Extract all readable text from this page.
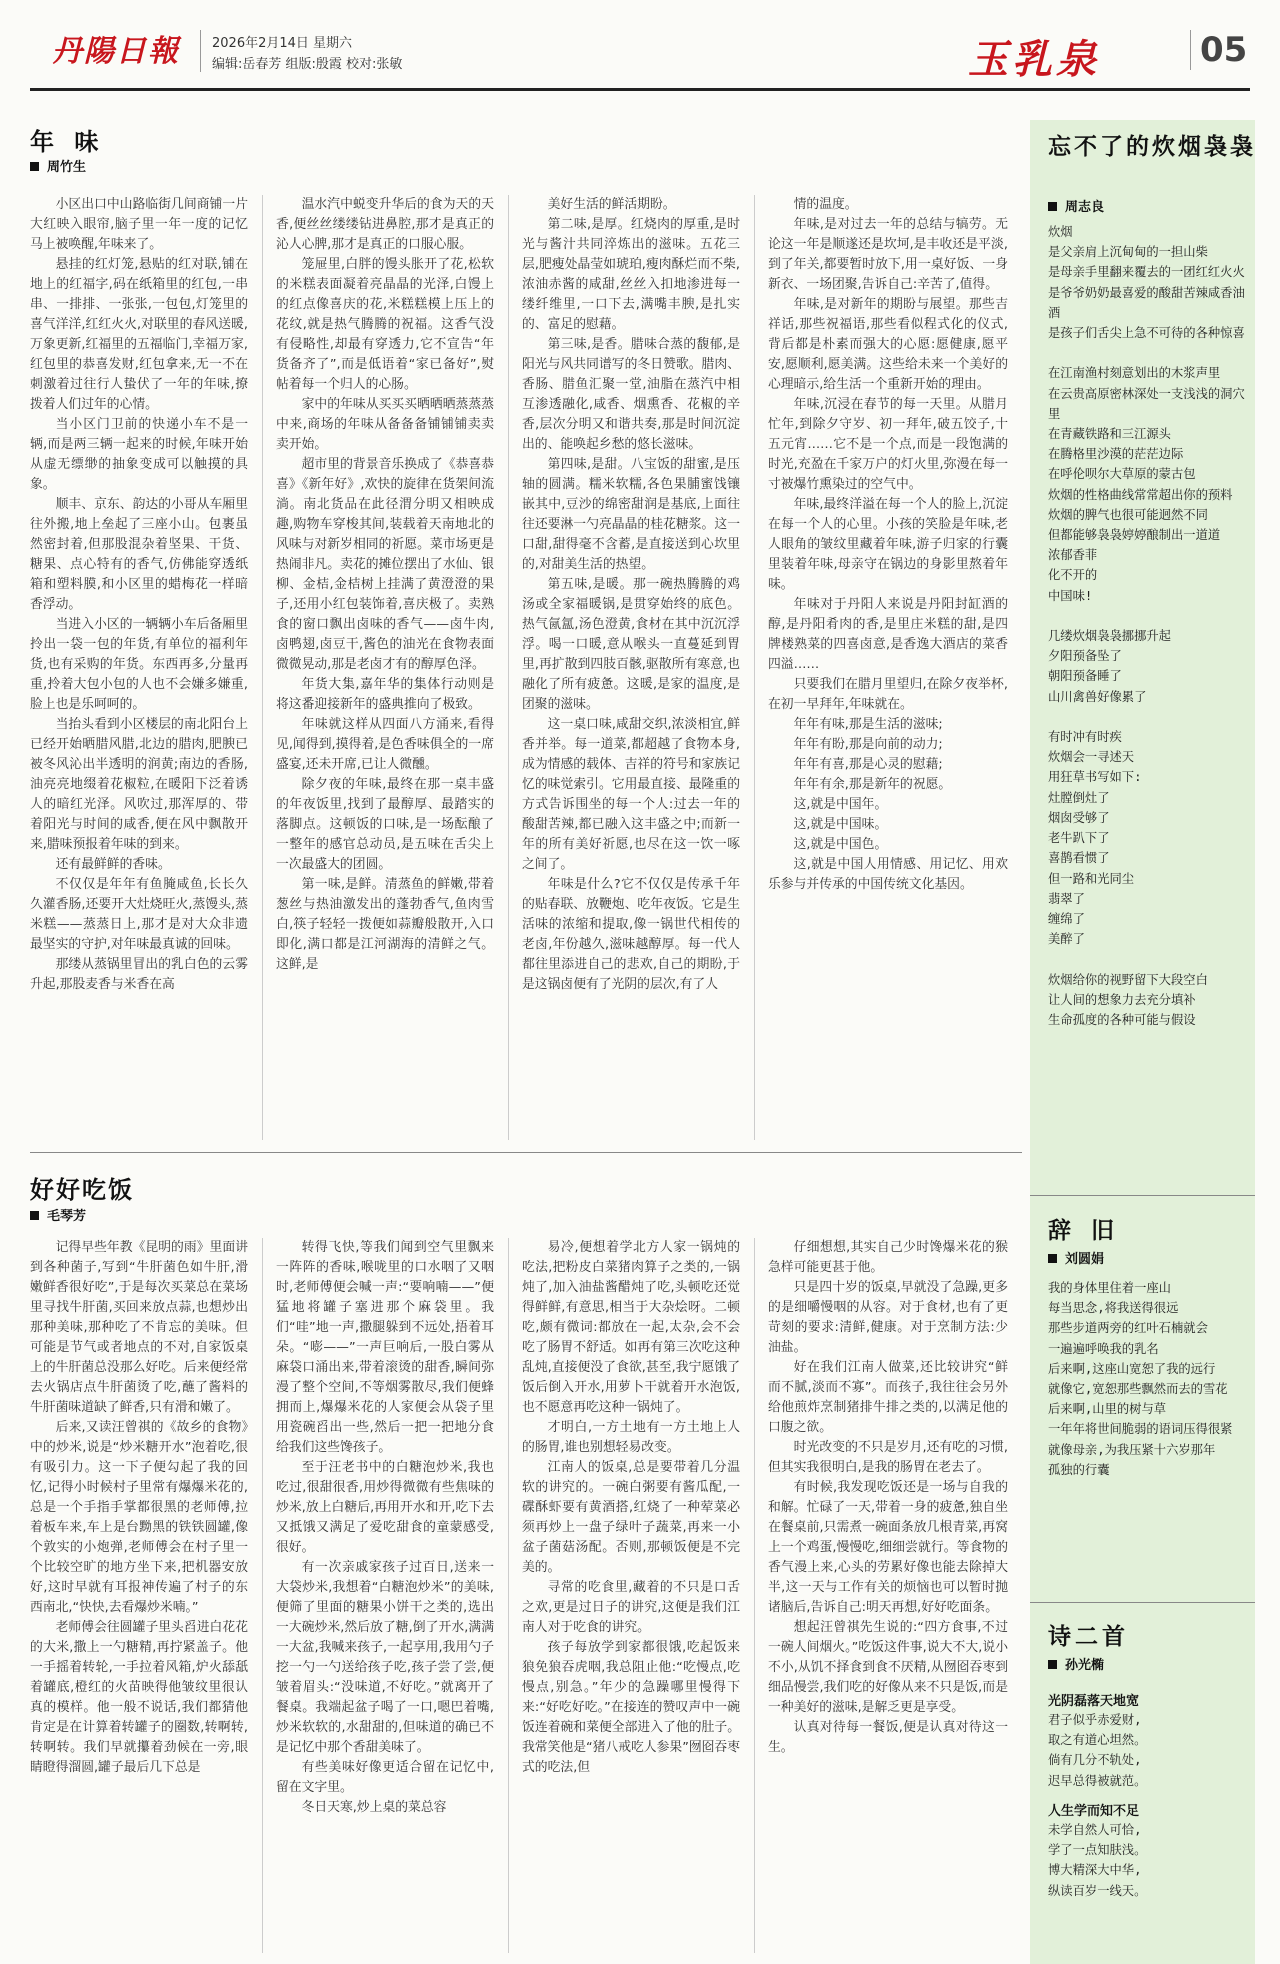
丹陽日報 2026年2月14日 星期六
编辑:岳春芳 组版:殷霞 校对:张敏	玉乳泉	05
年 味
周竹生

小区出口中山路临街几间商铺一片大红映入眼帘,脑子里一年一度的记忆马上被唤醒,年味来了。

悬挂的红灯笼,悬贴的红对联,铺在地上的红福字,码在纸箱里的红包,一串串、一排排、一张张,一包包,灯笼里的喜气洋洋,红红火火,对联里的春风送暖,万象更新,红福里的五福临门,幸福万家,红包里的恭喜发财,红包拿来,无一不在刺激着过往行人蛰伏了一年的年味,撩拨着人们过年的心情。

当小区门卫前的快递小车不是一辆,而是两三辆一起来的时候,年味开始从虚无缥缈的抽象变成可以触摸的具象。

顺丰、京东、韵达的小哥从车厢里往外搬,地上垒起了三座小山。包裹虽然密封着,但那股混杂着坚果、干货、糖果、点心特有的香气,仿佛能穿透纸箱和塑料膜,和小区里的蜡梅花一样暗香浮动。

当进入小区的一辆辆小车后备厢里拎出一袋一包的年货,有单位的福利年货,也有采购的年货。东西再多,分量再重,拎着大包小包的人也不会嫌多嫌重,脸上也是乐呵呵的。

当抬头看到小区楼层的南北阳台上已经开始晒腊风腊,北边的腊肉,肥腴已被冬风沁出半透明的润黄;南边的香肠,油亮亮地缀着花椒粒,在暖阳下泛着诱人的暗红光泽。风吹过,那浑厚的、带着阳光与时间的咸香,便在风中飘散开来,腊味预报着年味的到来。

还有最鲜鲜的香味。

不仅仅是年年有鱼腌咸鱼,长长久久灌香肠,还要开大灶烧旺火,蒸馒头,蒸米糕——蒸蒸日上,那才是对大众非遗最坚实的守护,对年味最真诚的回味。

那缕从蒸锅里冒出的乳白色的云雾升起,那股麦香与米香在高

温水汽中蜕变升华后的食为天的天香,便丝丝缕缕钻进鼻腔,那才是真正的沁人心脾,那才是真正的口服心服。

笼屉里,白胖的馒头胀开了花,松软的米糕表面凝着亮晶晶的光泽,白馒上的红点像喜庆的花,米糕糕模上压上的花纹,就是热气腾腾的祝福。这香气没有侵略性,却最有穿透力,它不宣告“年货备齐了”,而是低语着“家已备好”,熨帖着每一个归人的心肠。

家中的年味从买买买晒晒晒蒸蒸蒸中来,商场的年味从备备备铺铺铺卖卖卖开始。

超市里的背景音乐换成了《恭喜恭喜》《新年好》,欢快的旋律在货架间流淌。南北货品在此径渭分明又相映成趣,购物车穿梭其间,装载着天南地北的风味与对新岁相同的祈愿。菜市场更是热闹非凡。卖花的摊位摆出了水仙、银柳、金桔,金桔树上挂满了黄澄澄的果子,还用小红包装饰着,喜庆极了。卖熟食的窗口飘出卤味的香气——卤牛肉,卤鸭翅,卤豆干,酱色的油光在食物表面微微晃动,那是老卤才有的醇厚色泽。

年货大集,嘉年华的集体行动则是将这番迎接新年的盛典推向了极致。

年味就这样从四面八方涌来,看得见,闻得到,摸得着,是色香味俱全的一席盛宴,还未开席,已让人微醺。

除夕夜的年味,最终在那一桌丰盛的年夜饭里,找到了最醇厚、最踏实的落脚点。这顿饭的口味,是一场酝酿了一整年的感官总动员,是五味在舌尖上一次最盛大的团圆。

第一味,是鲜。清蒸鱼的鲜嫩,带着葱丝与热油激发出的蓬勃香气,鱼肉雪白,筷子轻轻一拨便如蒜瓣般散开,入口即化,满口都是江河湖海的清鲜之气。这鲜,是

美好生活的鲜活期盼。

第二味,是厚。红烧肉的厚重,是时光与酱汁共同淬炼出的滋味。五花三层,肥瘦处晶莹如琥珀,瘦肉酥烂而不柴,浓油赤酱的咸甜,丝丝入扣地渗进每一缕纤维里,一口下去,满嘴丰腴,是扎实的、富足的慰藉。

第三味,是香。腊味合蒸的馥郁,是阳光与风共同谱写的冬日赞歌。腊肉、香肠、腊鱼汇聚一堂,油脂在蒸汽中相互渗透融化,咸香、烟熏香、花椒的辛香,层次分明又和谐共奏,那是时间沉淀出的、能唤起乡愁的悠长滋味。

第四味,是甜。八宝饭的甜蜜,是压轴的圆满。糯米软糯,各色果脯蜜饯镶嵌其中,豆沙的绵密甜润是基底,上面往往还要淋一勺亮晶晶的桂花糖浆。这一口甜,甜得毫不含蓄,是直接送到心坎里的,对甜美生活的热望。

第五味,是暖。那一碗热腾腾的鸡汤或全家福暖锅,是贯穿始终的底色。热气氤氲,汤色澄黄,食材在其中沉沉浮浮。喝一口暖,意从喉头一直蔓延到胃里,再扩散到四肢百骸,驱散所有寒意,也融化了所有疲惫。这暖,是家的温度,是团聚的滋味。

这一桌口味,咸甜交织,浓淡相宜,鲜香并举。每一道菜,都超越了食物本身,成为情感的载体、吉祥的符号和家族记忆的味觉索引。它用最直接、最隆重的方式告诉围坐的每一个人:过去一年的酸甜苦辣,都已融入这丰盛之中;而新一年的所有美好祈愿,也尽在这一饮一啄之间了。

年味是什么?它不仅仅是传承千年的贴春联、放鞭炮、吃年夜饭。它是生活味的浓缩和提取,像一锅世代相传的老卤,年份越久,滋味越醇厚。每一代人都往里添进自己的悲欢,自己的期盼,于是这锅卤便有了光阴的层次,有了人

情的温度。

年味,是对过去一年的总结与犒劳。无论这一年是顺遂还是坎坷,是丰收还是平淡,到了年关,都要暂时放下,用一桌好饭、一身新衣、一场团聚,告诉自己:辛苦了,值得。

年味,是对新年的期盼与展望。那些吉祥话,那些祝福语,那些看似程式化的仪式,背后都是朴素而强大的心愿:愿健康,愿平安,愿顺利,愿美满。这些给未来一个美好的心理暗示,给生活一个重新开始的理由。

年味,沉浸在春节的每一天里。从腊月忙年,到除夕守岁、初一拜年,破五饺子,十五元宵……它不是一个点,而是一段饱满的时光,充盈在千家万户的灯火里,弥漫在每一寸被爆竹熏染过的空气中。

年味,最终洋溢在每一个人的脸上,沉淀在每一个人的心里。小孩的笑脸是年味,老人眼角的皱纹里藏着年味,游子归家的行囊里装着年味,母亲守在锅边的身影里熬着年味。

年味对于丹阳人来说是丹阳封缸酒的醇,是丹阳肴肉的香,是里庄米糕的甜,是四牌楼熟菜的四喜卤意,是香逸大酒店的菜香四溢……

只要我们在腊月里望归,在除夕夜举杯,在初一早拜年,年味就在。

年年有味,那是生活的滋味;

年年有盼,那是向前的动力;

年年有喜,那是心灵的慰藉;

年年有余,那是新年的祝愿。

这,就是中国年。

这,就是中国味。

这,就是中国色。

这,就是中国人用情感、用记忆、用欢乐参与并传承的中国传统文化基因。

好好吃饭
毛琴芳

记得早些年教《昆明的雨》里面讲到各种菌子,写到“牛肝菌色如牛肝,滑嫩鲜香很好吃”,于是每次买菜总在菜场里寻找牛肝菌,买回来放点蒜,也想炒出那种美味,那种吃了不肯忘的美味。但可能是节气或者地点的不对,自家饭桌上的牛肝菌总没那么好吃。后来便经常去火锅店点牛肝菌烫了吃,蘸了酱料的牛肝菌味道缺了鲜香,只有滑和嫩了。

后来,又读汪曾祺的《故乡的食物》中的炒米,说是“炒米糖开水”泡着吃,很有吸引力。这一下子便勾起了我的回忆,记得小时候村子里常有爆爆米花的,总是一个手指手掌都很黑的老师傅,拉着板车来,车上是台黝黑的铁铁圆罐,像个敦实的小炮弹,老师傅会在村子里一个比较空旷的地方坐下来,把机器安放好,这时早就有耳报神传遍了村子的东西南北,“快快,去看爆炒米喃。”

老师傅会往圆罐子里头舀进白花花的大米,撒上一勺糖精,再拧紧盖子。他一手摇着转轮,一手拉着风箱,炉火舔舐着罐底,橙红的火苗映得他皱纹里很认真的模样。他一般不说话,我们都猜他肯定是在计算着转罐子的圈数,转啊转,转啊转。我们早就攥着劲候在一旁,眼睛瞪得溜圆,罐子最后几下总是

转得飞快,等我们闻到空气里飘来一阵阵的香味,喉咙里的口水咽了又咽时,老师傅便会喊一声:“要响喃——”便猛地将罐子塞进那个麻袋里。我们“哇”地一声,撒腿躲到不远处,捂着耳朵。“嘭——”一声巨响后,一股白雾从麻袋口涌出来,带着滚烫的甜香,瞬间弥漫了整个空间,不等烟雾散尽,我们便蜂拥而上,爆爆米花的人家便会从袋子里用瓷碗舀出一些,然后一把一把地分食给我们这些馋孩子。

至于汪老书中的白糖泡炒米,我也吃过,很甜很香,用炒得微微有些焦味的炒米,放上白糖后,再用开水和开,吃下去又抵饿又满足了爱吃甜食的童蒙感受,很好。

有一次亲戚家孩子过百日,送来一大袋炒米,我想着“白糖泡炒米”的美味,便筛了里面的糖果小饼干之类的,选出一大碗炒米,然后放了糖,倒了开水,满满一大盆,我喊来孩子,一起享用,我用勺子挖一勺一勺送给孩子吃,孩子尝了尝,便皱着眉头:“没味道,不好吃。”就离开了餐桌。我端起盆子喝了一口,嗯巴着嘴,炒米软软的,水甜甜的,但味道的确已不是记忆中那个香甜美味了。

有些美味好像更适合留在记忆中,留在文字里。

冬日天寒,炒上桌的菜总容

易冷,便想着学北方人家一锅炖的吃法,把粉皮白菜猪肉算子之类的,一锅炖了,加入油盐酱醋炖了吃,头顿吃还觉得鲜鲜,有意思,相当于大杂烩呀。二顿吃,颇有微词:都放在一起,太杂,会不会吃了肠胃不舒适。如再有第三次吃这种乱炖,直接便没了食欲,甚至,我宁愿饿了饭后倒入开水,用萝卜干就着开水泡饭,也不愿意再吃这种一锅炖了。

才明白,一方土地有一方土地上人的肠胃,谁也别想轻易改变。

江南人的饭桌,总是要带着几分温软的讲究的。一碗白粥要有酱瓜配,一碟酥虾要有黄酒搭,红烧了一种荤菜必须再炒上一盘子绿叶子蔬菜,再来一小盆子菌菇汤配。否则,那顿饭便是不完美的。

寻常的吃食里,藏着的不只是口舌之欢,更是过日子的讲究,这便是我们江南人对于吃食的讲究。

孩子每放学到家都很饿,吃起饭来狼免狼吞虎咽,我总阻止他:“吃慢点,吃慢点,别急。”年少的急躁哪里慢得下来:“好吃好吃。”在接连的赞叹声中一碗饭连着碗和菜便全部进入了他的肚子。我常笑他是“猪八戒吃人参果”囫囵吞枣式的吃法,但

仔细想想,其实自己少时馋爆米花的猴急样可能更甚于他。

只是四十岁的饭桌,早就没了急躁,更多的是细嚼慢咽的从容。对于食材,也有了更苛刻的要求:清鲜,健康。对于烹制方法:少油盐。

好在我们江南人做菜,还比较讲究“鲜而不腻,淡而不寡”。而孩子,我往往会另外给他煎炸烹制猪排牛排之类的,以满足他的口腹之欲。

时光改变的不只是岁月,还有吃的习惯,但其实我很明白,是我的肠胃在老去了。

有时候,我发现吃饭还是一场与自我的和解。忙碌了一天,带着一身的疲惫,独自坐在餐桌前,只需煮一碗面条放几根青菜,再窝上一个鸡蛋,慢慢吃,细细尝就行。等食物的香气漫上来,心头的劳累好像也能去除掉大半,这一天与工作有关的烦恼也可以暂时抛诸脑后,告诉自己:明天再想,好好吃面条。

想起汪曾祺先生说的:“四方食事,不过一碗人间烟火。”吃饭这件事,说大不大,说小不小,从饥不择食到食不厌精,从囫囵吞枣到细品慢尝,我们吃的好像从来不只是饭,而是一种美好的滋味,是解乏更是享受。

认真对待每一餐饭,便是认真对待这一生。

忘不了的炊烟袅袅
周志良
炊烟
是父亲肩上沉甸甸的一担山柴
是母亲手里翻来覆去的一团红红火火
是爷爷奶奶最喜爱的酸甜苦辣咸香油酒
是孩子们舌尖上急不可待的各种惊喜

在江南渔村刻意划出的木浆声里
在云贵高原密林深处一支浅浅的洞穴里
在青藏铁路和三江源头
在腾格里沙漠的茫茫边际
在呼伦呗尔大草原的蒙古包
炊烟的性格曲线常常超出你的预料
炊烟的脾气也很可能迥然不同
但都能够袅袅婷婷酿制出一道道
浓郁香菲
化不开的
中国味!

几缕炊烟袅袅挪挪升起
夕阳预备坠了
朝阳预备睡了
山川禽兽好像累了

有时冲有时疾
炊烟会一寻述天
用狂草书写如下:
灶膛倒灶了
烟囱受够了
老牛趴下了
喜鹊看惯了
但一路和光同尘
翡翠了
缠绵了
美醉了

炊烟给你的视野留下大段空白
让人间的想象力去充分填补
生命孤度的各种可能与假设
辞 旧
刘圆娟
我的身体里住着一座山
每当思念,将我送得很远
那些步道两旁的红叶石楠就会
一遍遍呼唤我的乳名
后来啊,这座山宽恕了我的远行
就像它,宽恕那些飘然而去的雪花
后来啊,山里的树与草
一年年将世间脆弱的语词压得很紧
就像母亲,为我压紧十六岁那年
孤独的行囊
诗二首
孙光椭
光阴磊落天地宽
君子似乎赤爱财,
取之有道心坦然。
倘有几分不轨处,
迟早总得被就范。
人生学而知不足
未学自然人可恰,
学了一点知肤浅。
博大精深大中华,
纵读百岁一线天。
